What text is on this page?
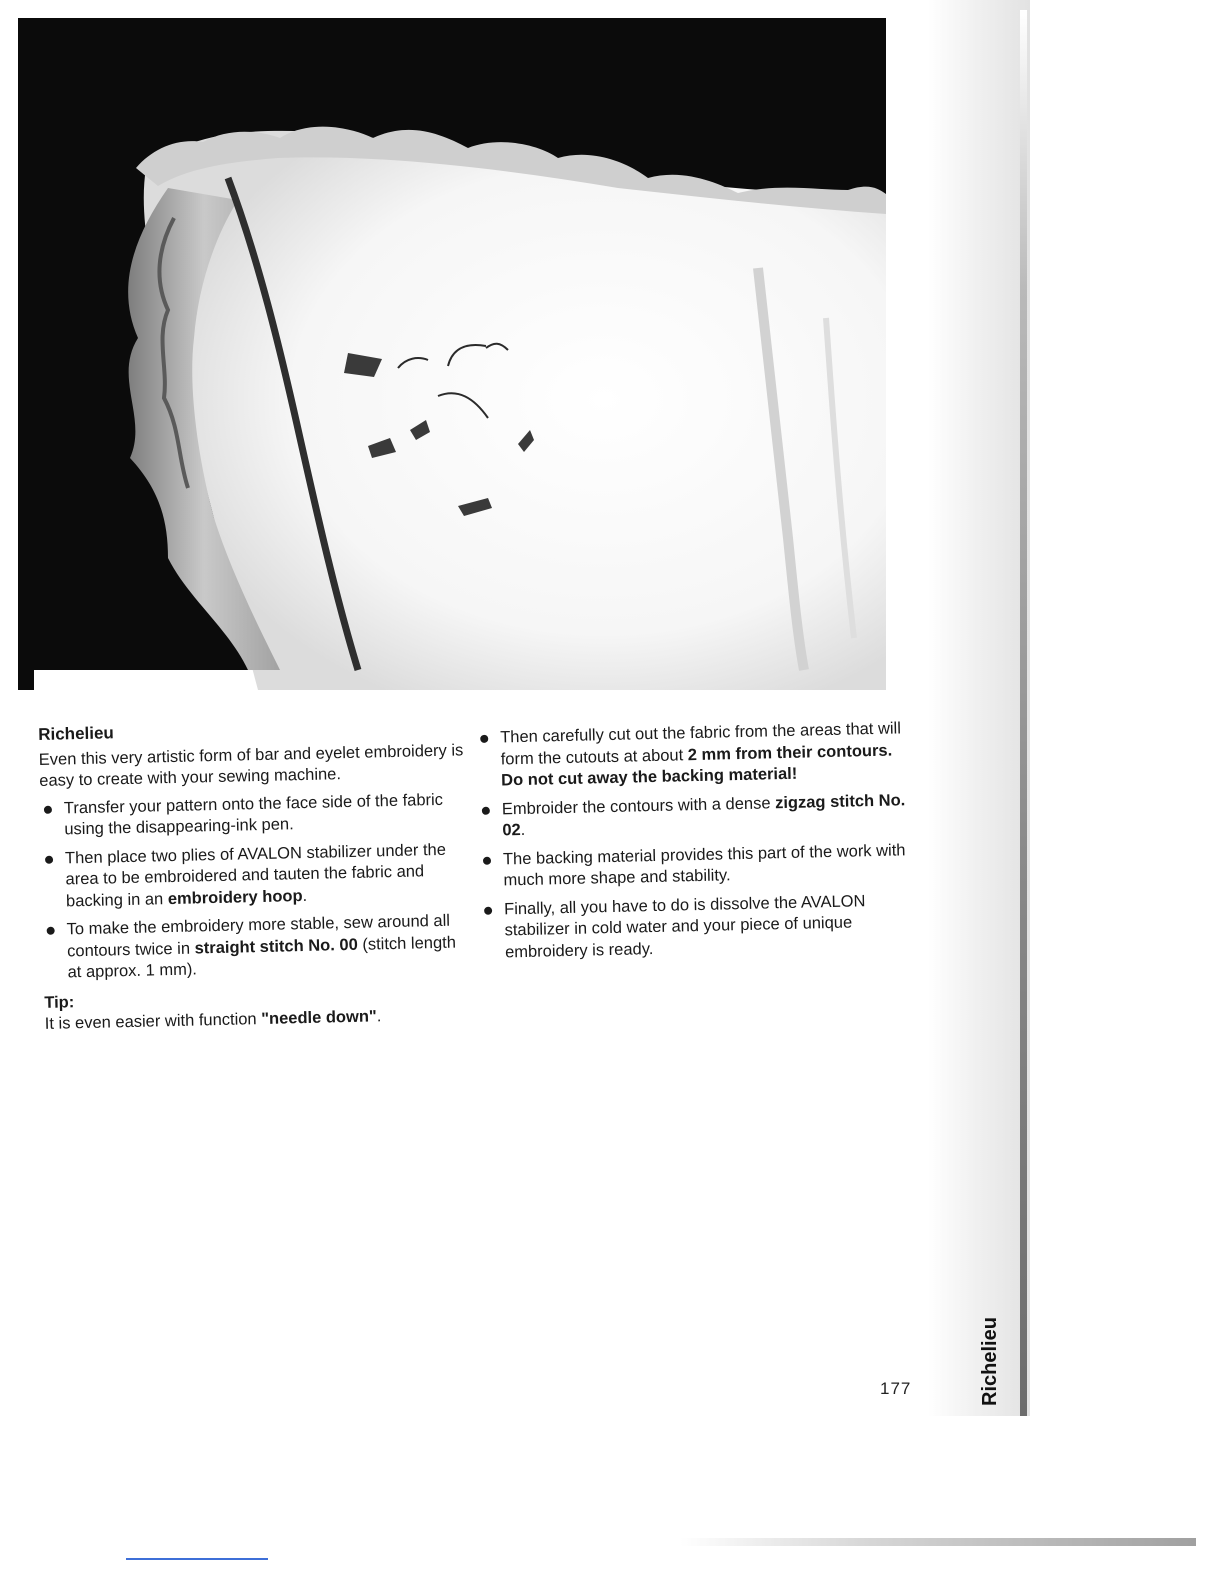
Richelieu
Even this very artistic form of bar and eyelet embroidery is easy to create with your sewing machine.
Transfer your pattern onto the face side of the fabric using the disappearing-ink pen.
Then place two plies of AVALON stabilizer under the area to be embroidered and tauten the fabric and backing in an embroidery hoop.
To make the embroidery more stable, sew around all contours twice in straight stitch No. 00 (stitch length at approx. 1 mm).
Tip:
It is even easier with function "needle down".
Then carefully cut out the fabric from the areas that will form the cutouts at about 2 mm from their contours. Do not cut away the backing material!
Embroider the contours with a dense zigzag stitch No. 02.
The backing material provides this part of the work with much more shape and stability.
Finally, all you have to do is dissolve the AVALON stabilizer in cold water and your piece of unique embroidery is ready.
177	Richelieu
